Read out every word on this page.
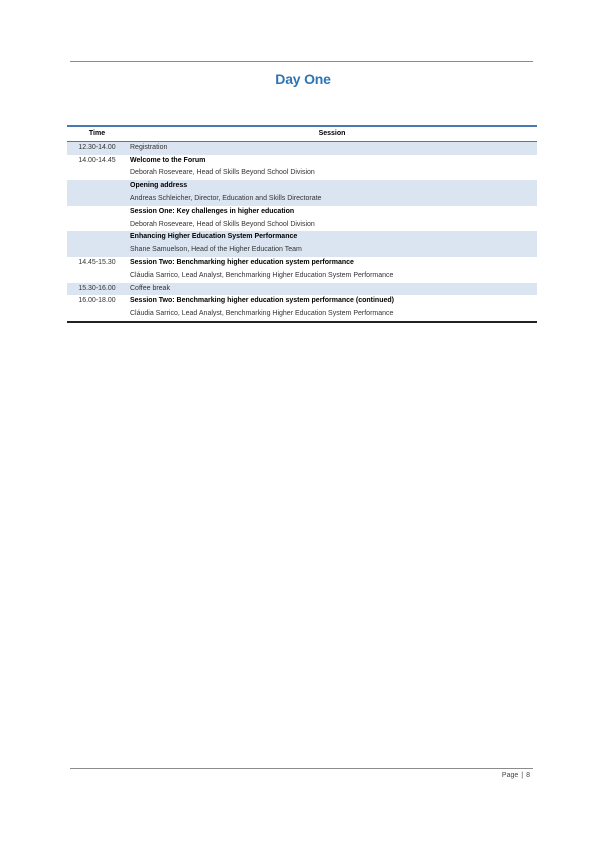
Day One
Time	Session
12.30-14.00	Registration

14.00-14.45	Welcome to the Forum
Deborah Roseveare, Head of Skills Beyond School Division

	Opening address
Andreas Schleicher, Director, Education and Skills Directorate

	Session One: Key challenges in higher education
Deborah Roseveare, Head of Skills Beyond School Division

	Enhancing Higher Education System Performance
Shane Samuelson, Head of the Higher Education Team

14.45-15.30	Session Two: Benchmarking higher education system performance
Cláudia Sarrico, Lead Analyst, Benchmarking Higher Education System Performance

15.30-16.00	Coffee break

16.00-18.00	Session Two: Benchmarking higher education system performance (continued)
Cláudia Sarrico, Lead Analyst, Benchmarking Higher Education System Performance
Page | 8
